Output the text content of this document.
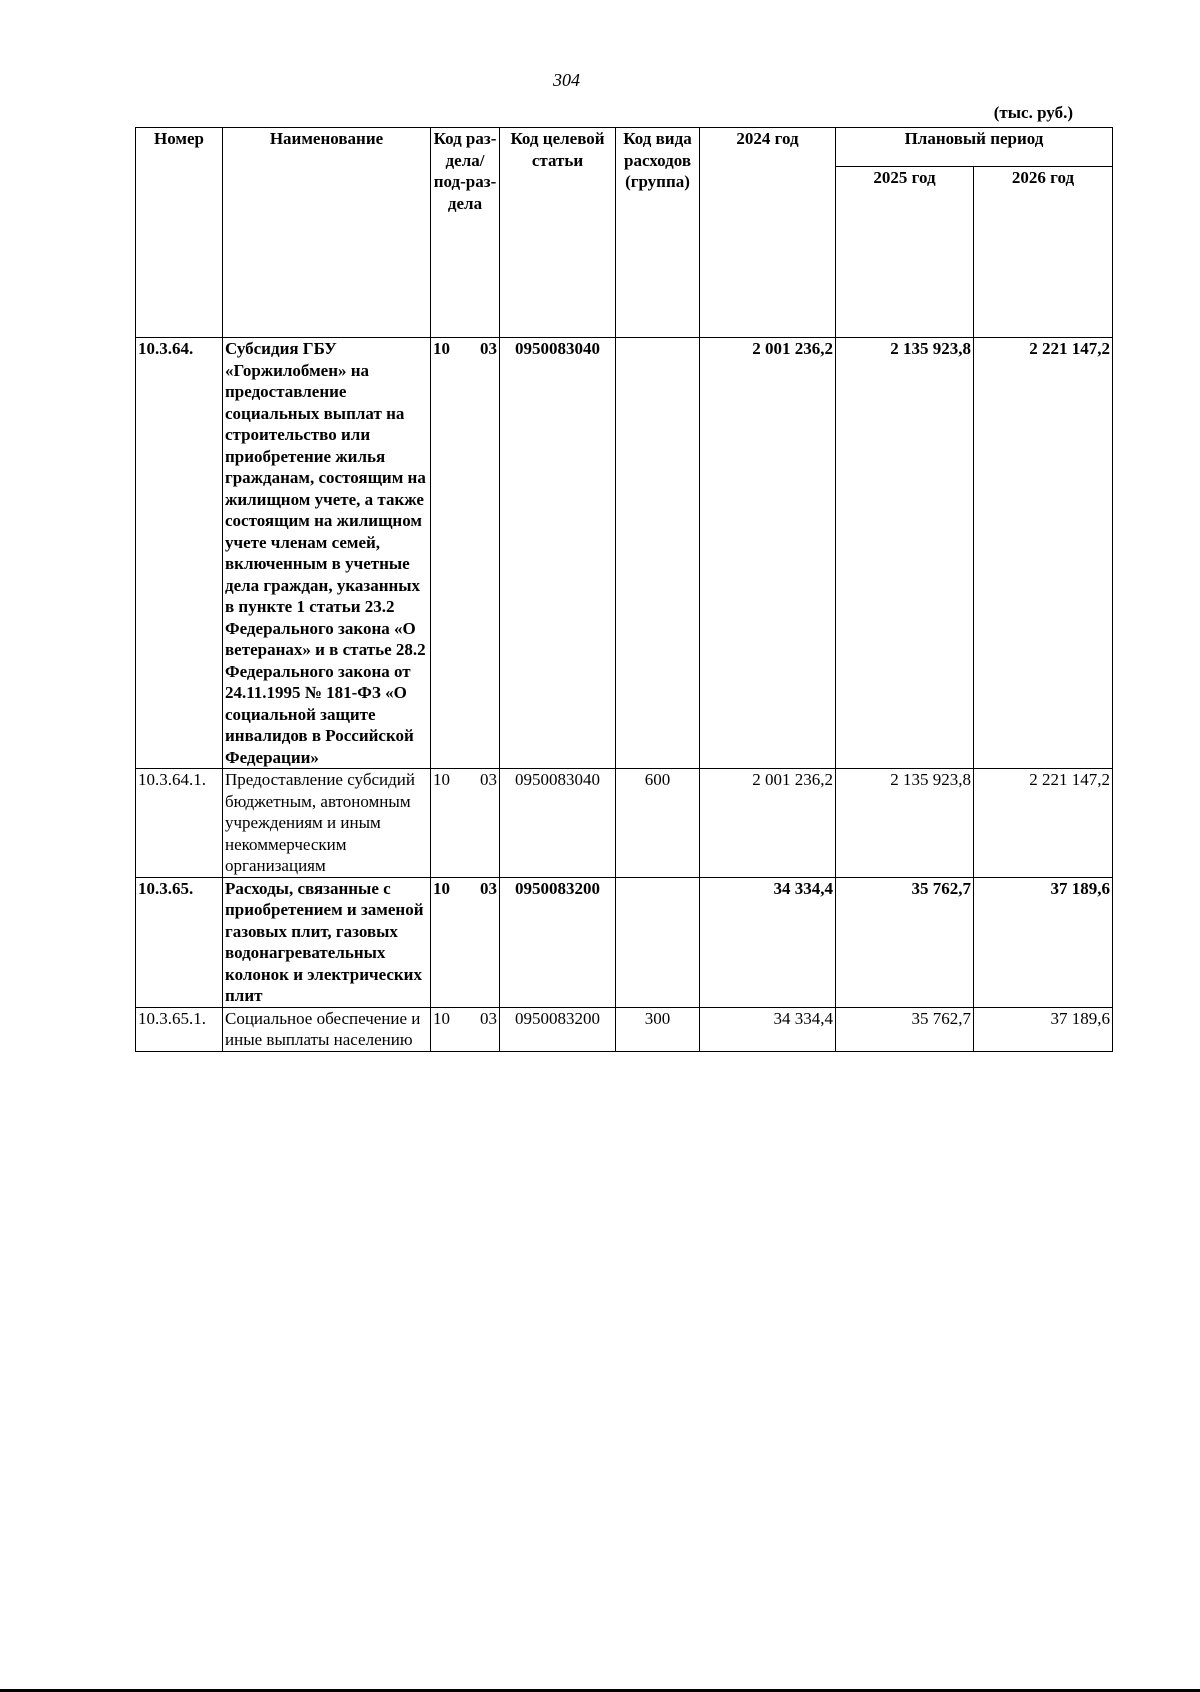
304
(тыс. руб.)
Номер	Наименование	Код раз-дела/ под-раз-дела	Код целевой статьи	Код вида расходов (группа)	2024 год	Плановый период	
						2025 год	2026 год
10.3.64.	Субсидия ГБУ «Горжилобмен» на предоставление социальных выплат на строительство или приобретение жилья гражданам, состоящим на жилищном учете, а также состоящим на жилищном учете членам семей, включенным в учетные дела граждан, указанных в пункте 1 статьи 23.2 Федерального закона «О ветеранах» и в статье 28.2 Федерального закона от 24.11.1995 № 181-ФЗ «О социальной защите инвалидов в Российской Федерации»	10 03	0950083040		2 001 236,2	2 135 923,8	2 221 147,2
10.3.64.1.	Предоставление субсидий бюджетным, автономным учреждениям и иным некоммерческим организациям	10 03	0950083040	600	2 001 236,2	2 135 923,8	2 221 147,2
10.3.65.	Расходы, связанные с приобретением и заменой газовых плит, газовых водонагревательных колонок и электрических плит	10 03	0950083200		34 334,4	35 762,7	37 189,6
10.3.65.1.	Социальное обеспечение и иные выплаты населению	10 03	0950083200	300	34 334,4	35 762,7	37 189,6
